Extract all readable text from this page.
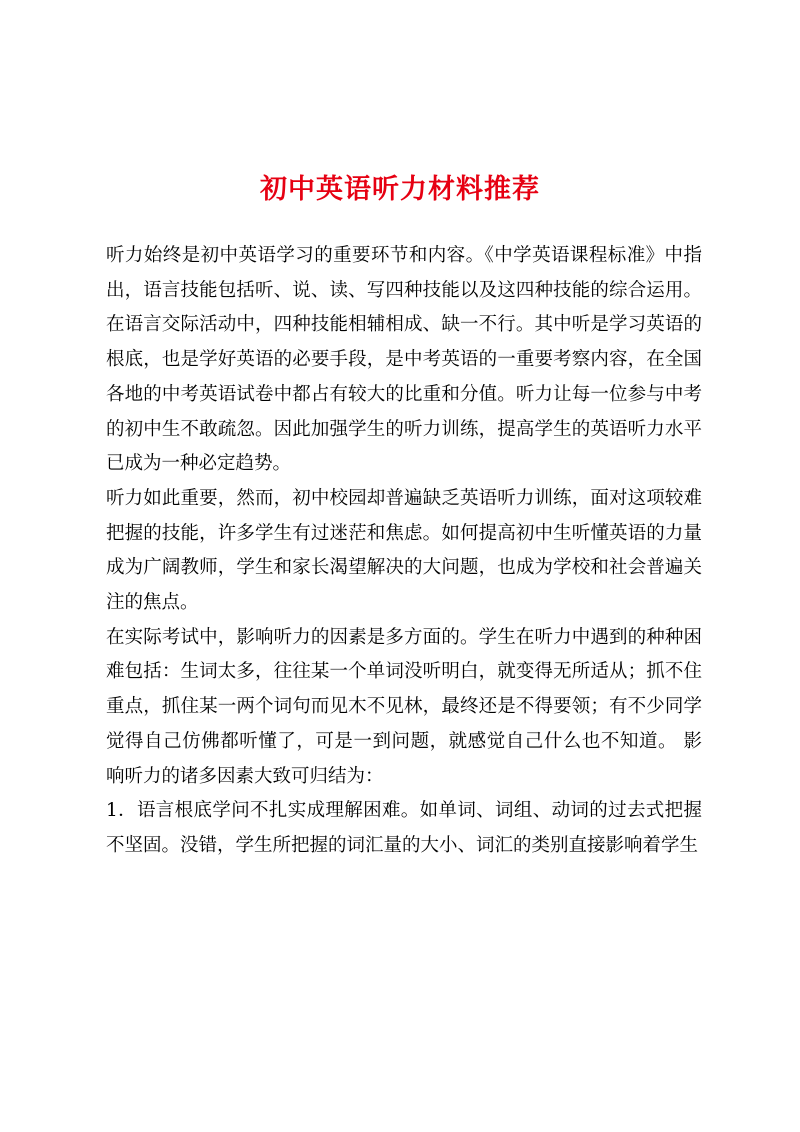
初中英语听力材料推荐

听力始终是初中英语学习的重要环节和内容。《中学英语课程标准》中指出，语言技能包括听、说、读、写四种技能以及这四种技能的综合运用。在语言交际活动中，四种技能相辅相成、缺一不行。其中听是学习英语的根底，也是学好英语的必要手段，是中考英语的一重要考察内容，在全国各地的中考英语试卷中都占有较大的比重和分值。听力让每一位参与中考的初中生不敢疏忽。因此加强学生的听力训练，提高学生的英语听力水平已成为一种必定趋势。

听力如此重要，然而，初中校园却普遍缺乏英语听力训练，面对这项较难把握的技能，许多学生有过迷茫和焦虑。如何提高初中生听懂英语的力量成为广阔教师，学生和家长渴望解决的大问题，也成为学校和社会普遍关注的焦点。

在实际考试中，影响听力的因素是多方面的。学生在听力中遇到的种种困难包括：生词太多，往往某一个单词没听明白，就变得无所适从；抓不住重点，抓住某一两个词句而见木不见林，最终还是不得要领；有不少同学觉得自己仿佛都听懂了，可是一到问题，就感觉自己什么也不知道。 影响听力的诸多因素大致可归结为：

1．语言根底学问不扎实成理解困难。如单词、词组、动词的过去式把握不坚固。没错，学生所把握的词汇量的大小、词汇的类别直接影响着学生
